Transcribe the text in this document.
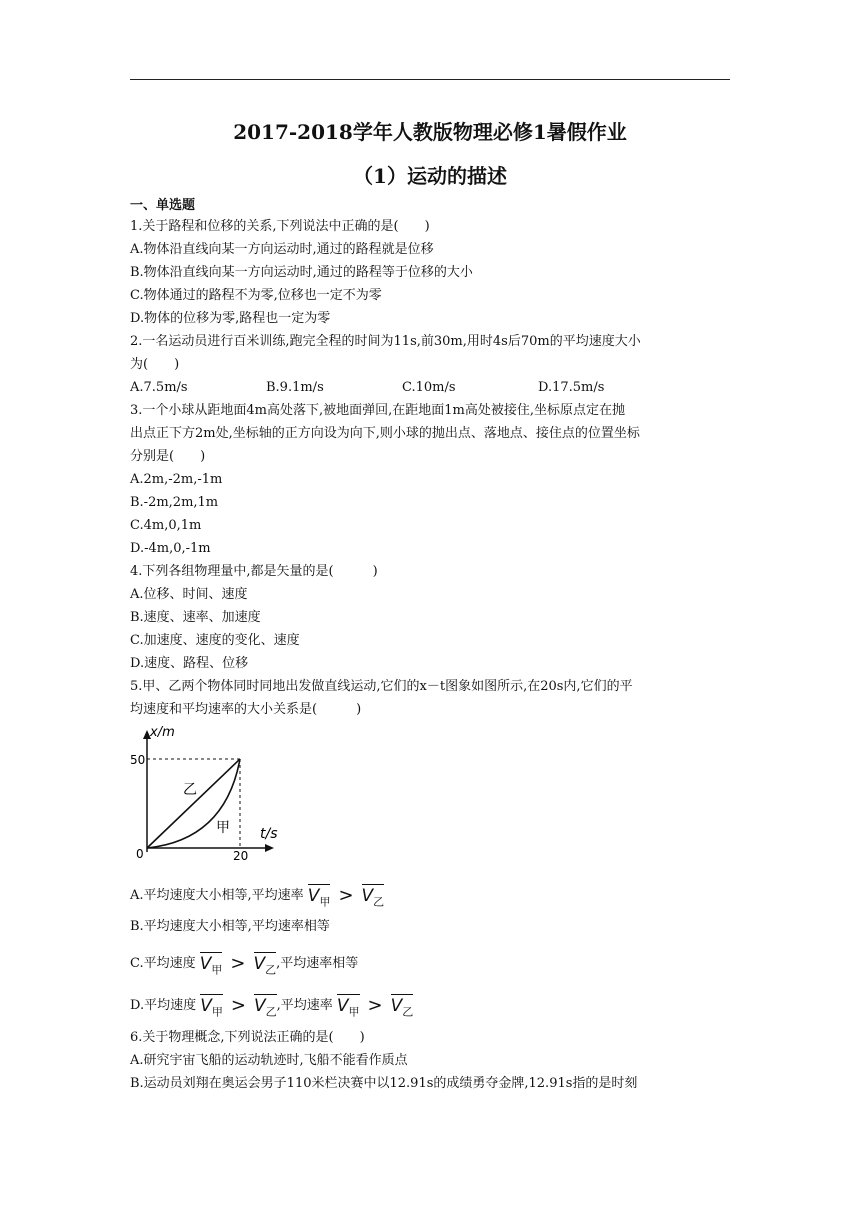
2017-2018学年人教版物理必修1暑假作业
（1）运动的描述
一、单选题
1.关于路程和位移的关系,下列说法中正确的是(　　)
A.物体沿直线向某一方向运动时,通过的路程就是位移
B.物体沿直线向某一方向运动时,通过的路程等于位移的大小
C.物体通过的路程不为零,位移也一定不为零
D.物体的位移为零,路程也一定为零
2.一名运动员进行百米训练,跑完全程的时间为11s,前30m,用时4s后70m的平均速度大小
为(　　)
A.7.5m/s	B.9.1m/s	C.10m/s	D.17.5m/s
3.一个小球从距地面4m高处落下,被地面弹回,在距地面1m高处被接住,坐标原点定在抛
出点正下方2m处,坐标轴的正方向设为向下,则小球的抛出点、落地点、接住点的位置坐标
分别是(　　)
A.2m,-2m,-1m
B.-2m,2m,1m
C.4m,0,1m
D.-4m,0,-1m
4.下列各组物理量中,都是矢量的是(　　　)
A.位移、时间、速度
B.速度、速率、加速度
C.加速度、速度的变化、速度
D.速度、路程、位移
5.甲、乙两个物体同时同地出发做直线运动,它们的x－t图象如图所示,在20s内,它们的平
均速度和平均速率的大小关系是(　　　)
x/m
50
0	20
t/s
乙
甲
A.平均速度大小相等,平均速率 $V_甲 > V_乙$
B.平均速度大小相等,平均速率相等
C.平均速度 $V_甲 > V_乙$ ,平均速率相等
D.平均速度 $V_甲 > V_乙$ ,平均速率 $V_甲 > V_乙$
6.关于物理概念,下列说法正确的是(　　)
A.研究宇宙飞船的运动轨迹时,飞船不能看作质点
B.运动员刘翔在奥运会男子110米栏决赛中以12.91s的成绩勇夺金牌,12.91s指的是时刻
